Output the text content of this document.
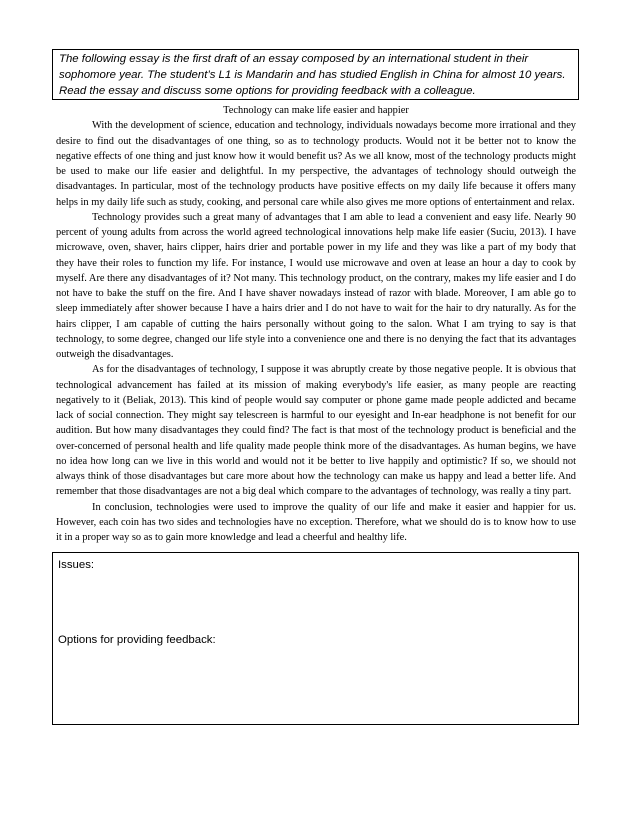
The following essay is the first draft of an essay composed by an international student in their sophomore year. The student’s L1 is Mandarin and has studied English in China for almost 10 years. Read the essay and discuss some options for providing feedback with a colleague.
Technology can make life easier and happier

With the development of science, education and technology, individuals nowadays become more irrational and they desire to find out the disadvantages of one thing, so as to technology products. Would not it be better not to know the negative effects of one thing and just know how it would benefit us? As we all know, most of the technology products might be used to make our life easier and delightful. In my perspective, the advantages of technology should outweigh the disadvantages. In particular, most of the technology products have positive effects on my daily life because it offers many helps in my daily life such as study, cooking, and personal care while also gives me more options of entertainment and relax.

Technology provides such a great many of advantages that I am able to lead a convenient and easy life. Nearly 90 percent of young adults from across the world agreed technological innovations help make life easier (Suciu, 2013). I have microwave, oven, shaver, hairs clipper, hairs drier and portable power in my life and they was like a part of my body that they have their roles to function my life. For instance, I would use microwave and oven at lease an hour a day to cook by myself. Are there any disadvantages of it? Not many. This technology product, on the contrary, makes my life easier and I do not have to bake the stuff on the fire. And I have shaver nowadays instead of razor with blade. Moreover, I am able go to sleep immediately after shower because I have a hairs drier and I do not have to wait for the hair to dry naturally. As for the hairs clipper, I am capable of cutting the hairs personally without going to the salon. What I am trying to say is that technology, to some degree, changed our life style into a convenience one and there is no denying the fact that its advantages outweigh the disadvantages.

As for the disadvantages of technology, I suppose it was abruptly create by those negative people. It is obvious that technological advancement has failed at its mission of making everybody's life easier, as many people are reacting negatively to it (Beliak, 2013). This kind of people would say computer or phone game made people addicted and became lack of social connection. They might say telescreen is harmful to our eyesight and In-ear headphone is not benefit for our audition. But how many disadvantages they could find? The fact is that most of the technology product is beneficial and the over-concerned of personal health and life quality made people think more of the disadvantages. As human begins, we have no idea how long can we live in this world and would not it be better to live happily and optimistic? If so, we should not always think of those disadvantages but care more about how the technology can make us happy and lead a better life. And remember that those disadvantages are not a big deal which compare to the advantages of technology, was really a tiny part.

In conclusion, technologies were used to improve the quality of our life and make it easier and happier for us. However, each coin has two sides and technologies have no exception. Therefore, what we should do is to know how to use it in a proper way so as to gain more knowledge and lead a cheerful and healthy life.

Issues:
Options for providing feedback:
